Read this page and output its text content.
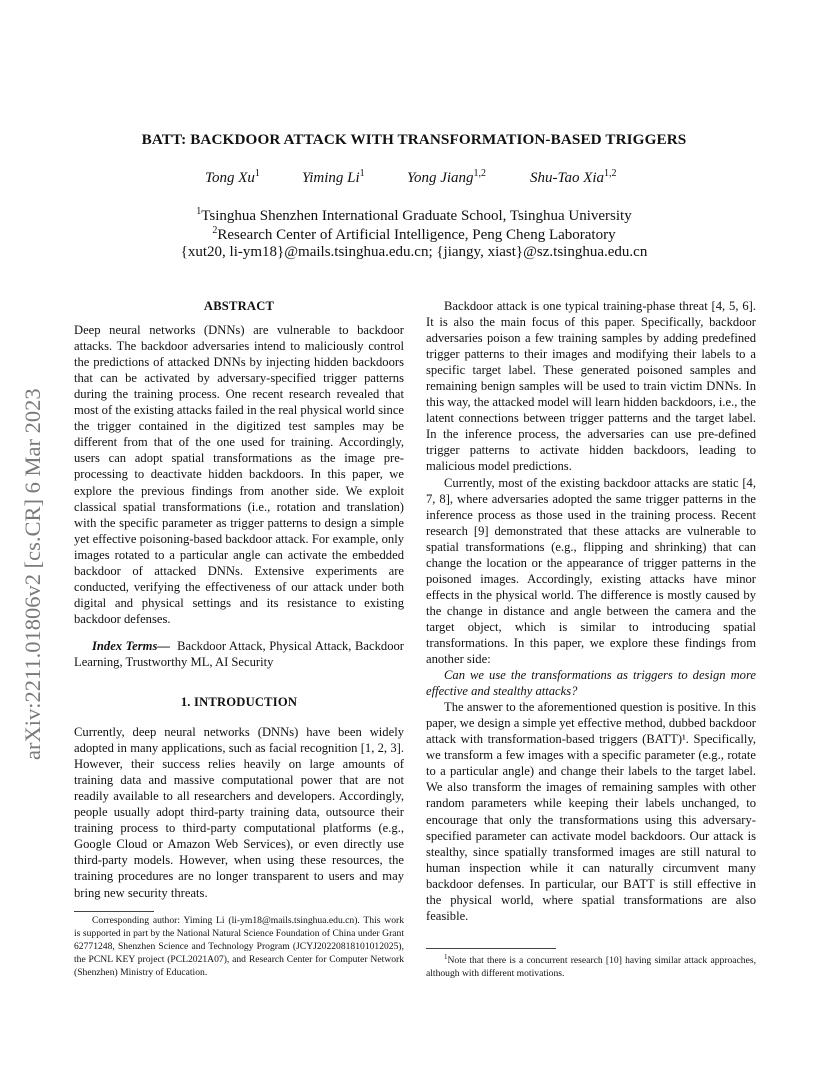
arXiv:2211.01806v2 [cs.CR] 6 Mar 2023
BATT: BACKDOOR ATTACK WITH TRANSFORMATION-BASED TRIGGERS
Tong Xu$^1$	Yiming Li$^1$	Yong Jiang$^{1,2}$	Shu-Tao Xia$^{1,2}$
$^1$Tsinghua Shenzhen International Graduate School, Tsinghua University
$^2$Research Center of Artificial Intelligence, Peng Cheng Laboratory
{xut20, li-ym18}@mails.tsinghua.edu.cn; {jiangy, xiast}@sz.tsinghua.edu.cn
ABSTRACT

Deep neural networks (DNNs) are vulnerable to backdoor attacks. The backdoor adversaries intend to maliciously control the predictions of attacked DNNs by injecting hidden backdoors that can be activated by adversary-specified trigger patterns during the training process. One recent research revealed that most of the existing attacks failed in the real physical world since the trigger contained in the digitized test samples may be different from that of the one used for training. Accordingly, users can adopt spatial transformations as the image pre-processing to deactivate hidden backdoors. In this paper, we explore the previous findings from another side. We exploit classical spatial transformations (i.e., rotation and translation) with the specific parameter as trigger patterns to design a simple yet effective poisoning-based backdoor attack. For example, only images rotated to a particular angle can activate the embedded backdoor of attacked DNNs. Extensive experiments are conducted, verifying the effectiveness of our attack under both digital and physical settings and its resistance to existing backdoor defenses.

Index Terms— Backdoor Attack, Physical Attack, Backdoor Learning, Trustworthy ML, AI Security

1. INTRODUCTION

Currently, deep neural networks (DNNs) have been widely adopted in many applications, such as facial recognition [1, 2, 3]. However, their success relies heavily on large amounts of training data and massive computational power that are not readily available to all researchers and developers. Accordingly, people usually adopt third-party training data, outsource their training process to third-party computational platforms (e.g., Google Cloud or Amazon Web Services), or even directly use third-party models. However, when using these resources, the training procedures are no longer transparent to users and may bring new security threats.

Corresponding author: Yiming Li (li-ym18@mails.tsinghua.edu.cn). This work is supported in part by the National Natural Science Foundation of China under Grant 62771248, Shenzhen Science and Technology Program (JCYJ20220818101012025), the PCNL KEY project (PCL2021A07), and Research Center for Computer Network (Shenzhen) Ministry of Education.

Backdoor attack is one typical training-phase threat [4, 5, 6]. It is also the main focus of this paper. Specifically, backdoor adversaries poison a few training samples by adding predefined trigger patterns to their images and modifying their labels to a specific target label. These generated poisoned samples and remaining benign samples will be used to train victim DNNs. In this way, the attacked model will learn hidden backdoors, i.e., the latent connections between trigger patterns and the target label. In the inference process, the adversaries can use pre-defined trigger patterns to activate hidden backdoors, leading to malicious model predictions.

Currently, most of the existing backdoor attacks are static [4, 7, 8], where adversaries adopted the same trigger patterns in the inference process as those used in the training process. Recent research [9] demonstrated that these attacks are vulnerable to spatial transformations (e.g., flipping and shrinking) that can change the location or the appearance of trigger patterns in the poisoned images. Accordingly, existing attacks have minor effects in the physical world. The difference is mostly caused by the change in distance and angle between the camera and the target object, which is similar to introducing spatial transformations. In this paper, we explore these findings from another side:

Can we use the transformations as triggers to design more effective and stealthy attacks?

The answer to the aforementioned question is positive. In this paper, we design a simple yet effective method, dubbed backdoor attack with transformation-based triggers (BATT)¹. Specifically, we transform a few images with a specific parameter (e.g., rotate to a particular angle) and change their labels to the target label. We also transform the images of remaining samples with other random parameters while keeping their labels unchanged, to encourage that only the transformations using this adversary-specified parameter can activate model backdoors. Our attack is stealthy, since spatially transformed images are still natural to human inspection while it can naturally circumvent many backdoor defenses. In particular, our BATT is still effective in the physical world, where spatial transformations are also feasible.

$^1$Note that there is a concurrent research [10] having similar attack approaches, although with different motivations.
